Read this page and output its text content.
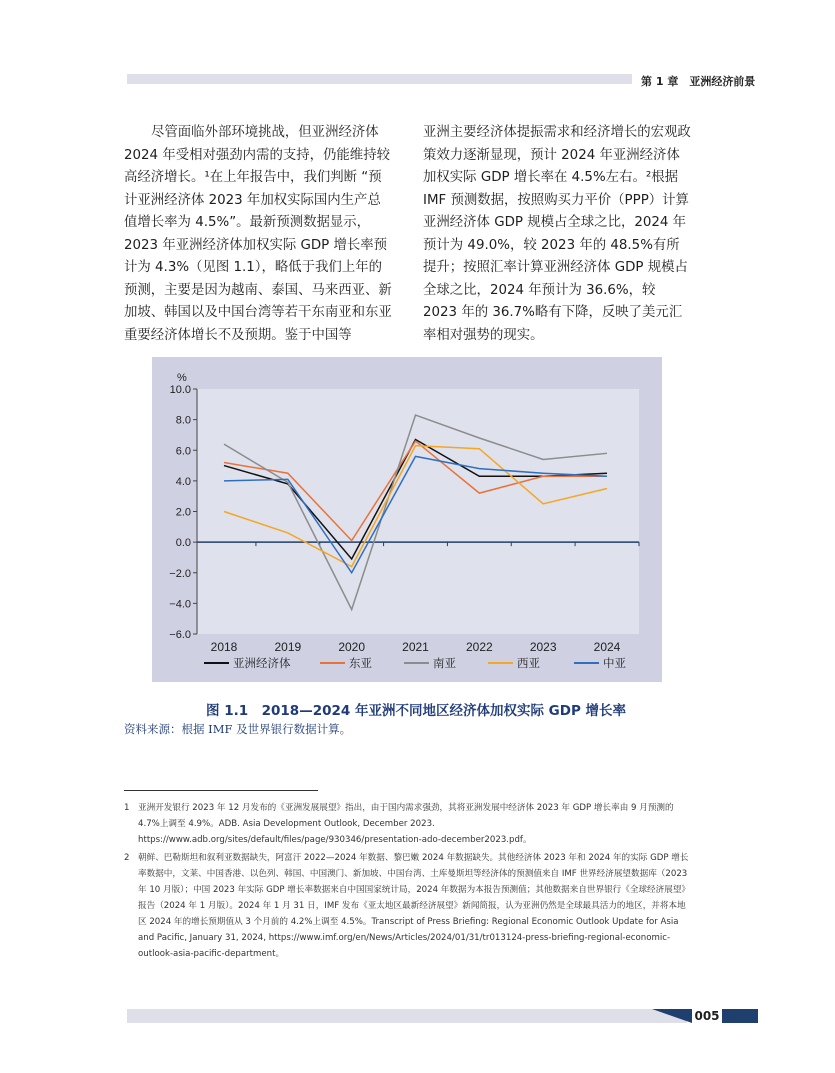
第 1 章　亚洲经济前景

尽管面临外部环境挑战，但亚洲经济体2024 年受相对强劲内需的支持，仍能维持较高经济增长。¹在上年报告中，我们判断 “预计亚洲经济体 2023 年加权实际国内生产总值增长率为 4.5%”。最新预测数据显示，2023 年亚洲经济体加权实际 GDP 增长率预计为 4.3%（见图 1.1），略低于我们上年的预测，主要是因为越南、泰国、马来西亚、新加坡、韩国以及中国台湾等若干东南亚和东亚重要经济体增长不及预期。鉴于中国等

亚洲主要经济体提振需求和经济增长的宏观政策效力逐渐显现，预计 2024 年亚洲经济体加权实际 GDP 增长率在 4.5%左右。²根据 IMF 预测数据，按照购买力平价（PPP）计算亚洲经济体 GDP 规模占全球之比，2024 年预计为 49.0%，较 2023 年的 48.5%有所提升；按照汇率计算亚洲经济体 GDP 规模占全球之比，2024 年预计为 36.6%，较 2023 年的 36.7%略有下降，反映了美元汇率相对强势的现实。

10.0
8.0
6.0
4.0
2.0
0.0
−2.0
−4.0
−6.0
%
2018	2019	2020	2021	2022	2023	2024
亚洲经济体	东亚	南亚	西亚	中亚
图 1.1　2018—2024 年亚洲不同地区经济体加权实际 GDP 增长率
资料来源：根据 IMF 及世界银行数据计算。
1 亚洲开发银行 2023 年 12 月发布的《亚洲发展展望》指出，由于国内需求强劲，其将亚洲发展中经济体 2023 年 GDP 增长率由 9 月预测的 4.7%上调至 4.9%。ADB. Asia Development Outlook, December 2023. https://www.adb.org/sites/default/files/page/930346/presentation-ado-december2023.pdf。
2 朝鲜、巴勒斯坦和叙利亚数据缺失，阿富汗 2022—2024 年数据、黎巴嫩 2024 年数据缺失。其他经济体 2023 年和 2024 年的实际 GDP 增长率数据中，文莱、中国香港、以色列、韩国、中国澳门、新加坡、中国台湾、土库曼斯坦等经济体的预测值来自 IMF 世界经济展望数据库（2023 年 10 月版）；中国 2023 年实际 GDP 增长率数据来自中国国家统计局，2024 年数据为本报告预测值；其他数据来自世界银行《全球经济展望》报告（2024 年 1 月版）。2024 年 1 月 31 日，IMF 发布《亚太地区最新经济展望》新闻简报，认为亚洲仍然是全球最具活力的地区，并将本地区 2024 年的增长预期值从 3 个月前的 4.2%上调至 4.5%。Transcript of Press Briefing: Regional Economic Outlook Update for Asia and Pacific, January 31, 2024, https://www.imf.org/en/News/Articles/2024/01/31/tr013124-press-briefing-regional-economic-outlook-asia-pacific-department。
005
